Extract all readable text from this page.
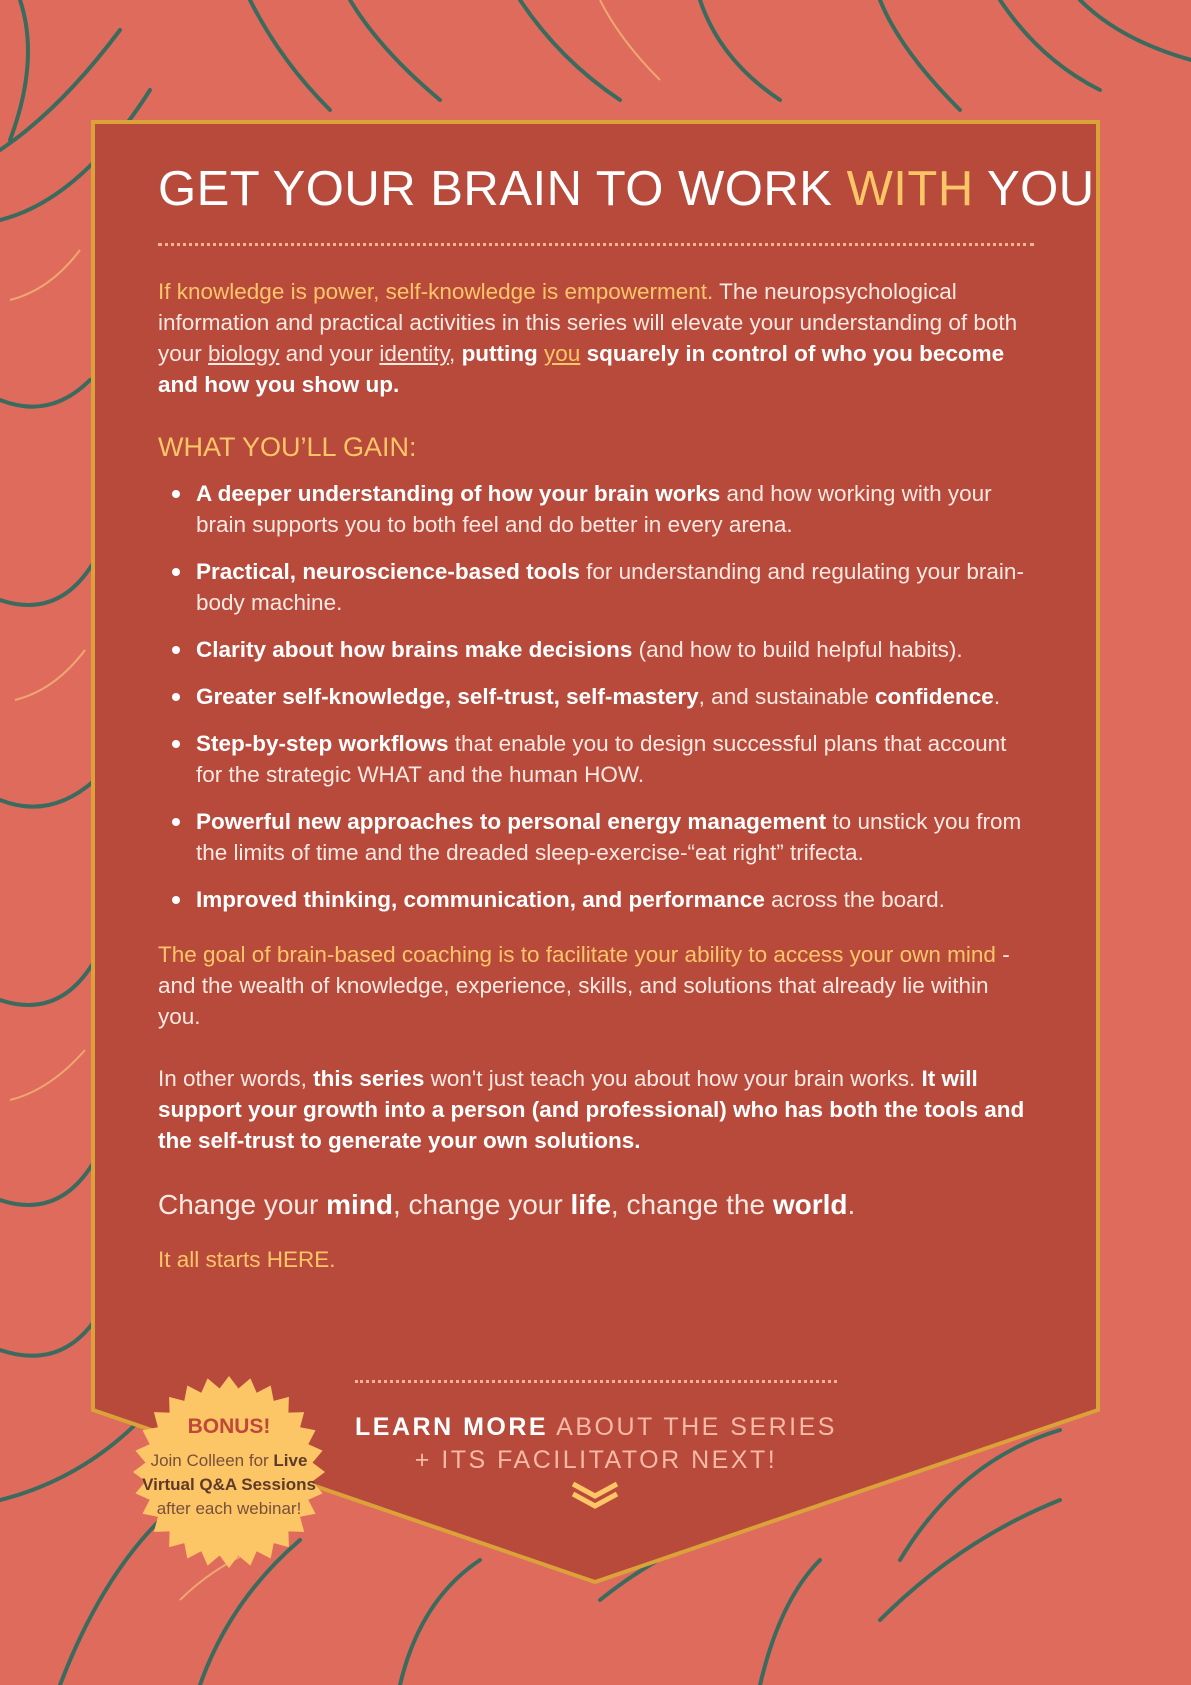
GET YOUR BRAIN TO WORK WITH YOU

If knowledge is power, self-knowledge is empowerment. The neuropsychological information and practical activities in this series will elevate your understanding of both your biology and your identity, putting you squarely in control of who you become and how you show up.

WHAT YOU’LL GAIN:
A deeper understanding of how your brain works and how working with your brain supports you to both feel and do better in every arena.
Practical, neuroscience-based tools for understanding and regulating your brain-body machine.
Clarity about how brains make decisions (and how to build helpful habits).
Greater self-knowledge, self-trust, self-mastery, and sustainable confidence.
Step-by-step workflows that enable you to design successful plans that account for the strategic WHAT and the human HOW.
Powerful new approaches to personal energy management to unstick you from the limits of time and the dreaded sleep-exercise-“eat right” trifecta.
Improved thinking, communication, and performance across the board.

The goal of brain-based coaching is to facilitate your ability to access your own mind - and the wealth of knowledge, experience, skills, and solutions that already lie within you.

In other words, this series won't just teach you about how your brain works. It will support your growth into a person (and professional) who has both the tools and the self-trust to generate your own solutions.

Change your mind, change your life, change the world.

It all starts HERE.

LEARN MORE ABOUT THE SERIES
+ ITS FACILITATOR NEXT!
BONUS!
Join Colleen for Live Virtual Q&A Sessions after each webinar!
